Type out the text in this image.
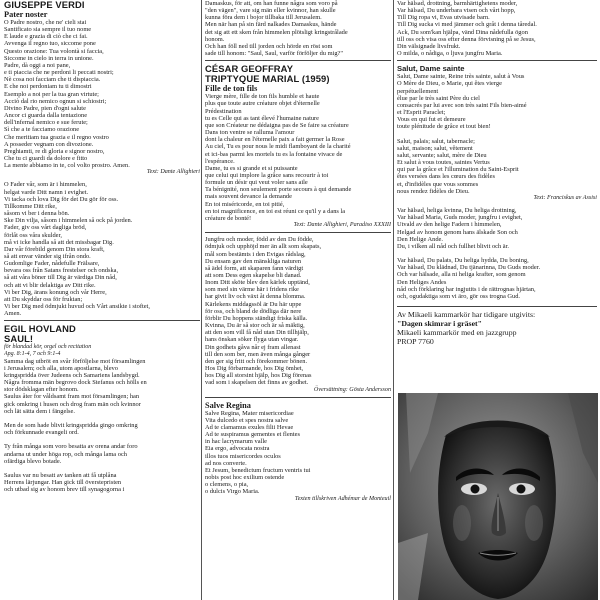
GIUSEPPE VERDI
Pater noster
O Padre nostro, che ne' cieli stai
Santificato sia sempre il tuo nome
E laude e grazia di ciò che ci fai.
Avvenga il regno tuo, siccome pone
Questo orazione: Tua volontà si faccia,
Siccome in cielo in terra in unione.
Padre, dà oggi a noi pane,
e ti piaccia che ne perdoni li peccati nostri;
Nè cosa noi facciam che ti dispiaccia.
E che noi perdoniam tu ti dimostri
Esemplo a noi per la tua gran virtute;
Acciò dal rio nemico ognun si schiostri;
Divino Padre, pien d'ogni salute
Ancor ci guarda dalla tentazione
dell'infernal nemico e sue ferute;
Sì che a te facciamo orazione
Che meritiam tua grazia e il regno vostro
A posseder vegnam con divozione.
Preghiamti, re di gloria e signor nostro,
Che tu ci guardi da dolore e fitto
La mente abbiamo in te, col volto prostro. Amen.
Text: Dante Allighieri
O Fader vår, som är i himmelen,
helgat varde Ditt namn i evighet.
Vi tacka och lova Dig för det Du gör för oss.
Tillkomme Ditt rike,
såsom vi ber i denna bön.
Ske Din vilja, såsom i himmelen så ock på jorden.
Fader, giv oss vårt dagliga bröd,
förlåt oss våra skulder,
må vi icke handla så att det missbagar Dig.
Dar vår förebild genom Din stora kraft,
så att envar vänder sig ifrån ondo.
Gudomlige Fader, nådefulle Frälsare,
bevara oss från Satans frestelser och ondska,
så att våra böner till Dig är värdiga Din nåd,
och att vi blir delaktiga av Ditt rike.
Vi ber Dig, ärans konung och vår Herre,
att Du skyddar oss för fruktan;
Vi ber Dig med ödmjukt huvud och Vårt ansikte i stoftet,
Amen.
EGIL HOVLAND
SAUL!
för blandad kör, orgel och recitation
Apg. 8:1-4, 7 och 9:1-4
Samma dag utbröt en svår förföljelse mot församlingen
i Jerusalem; och alla, utom apostlarna, blevo
kringspridda över Judeens och Samariens landsbygd.
Några fromma män begrovo dock Stefanus och hölls en
stor dödsklagan efter honom.
Saulus åter for våldsamt fram mot församlingen; han
gick omkring i husen och drog fram män och kvinnor
och lät sätta dem i fängelse.

Men de som hade blivit kringspridda gingo omkring
och förkunnade evangeli ord.

Ty från många som voro besatta av orena andar foro
andarna ut under höga rop, och många lama och
ofärdiga blevo botade.

Saulus var nu besatt av tanken att få utplåna
Herrens lärjungar. Han gick till överstepristen
och utbad sig av honom brev till synagogorna i
Damaskus, för att, om han funne några som voro på
"den vägen", vare sig män eller kvinnor, han skulle
kunna föra dem i bojor tillbaka till Jerusalem.
Men när han på sin färd nalkades Damaskus, hände
det sig att ett sken från himmelen plötsligt kringstrålade
honom.
Och han föll ned till jorden och hörde en röst som
sade till honom: "Saul, Saul, varför förföljer du mig?"
CÉSAR GEOFFRAY
TRIPTYQUE MARIAL (1959)
Fille de ton fils
Vierge mère, fille de ton fils humble et haute
plus que toute autre créature objet d'éternelle
Prédestination
tu es Celle qui as tant élevé l'humaine nature
que son Créateur ne dédaigna pas de Se faire sa créature
Dans ton ventre se ralluma l'amour
dont la chaleur en l'éternelle paix a fait germer la Rose
Au ciel, Tu es pour nous le midi flamboyant de la charité
et ici-bas parmi les mortels tu es la fontaine vivace de
l'espérance.
Dame, tu es si grande et si puissante
que celui qui implore la grâce sans recourir à toi
formule un désir qui veut voler sans aile
Ta bénignité, non seulement porte secours à qui demande
mais souvent devance la demande
En toi miséricorde, en toi pitié,
en toi magnificence, en toi est réuni ce qu'il y a dans la
créature de bonté!
Text: Dante Allighieri, Paradiso XXXIII
Jungfru och moder, född av den Du födde,
ödmjuk och upphöjd mer än allt som skapats,
mål som bestämts i den Evigas rådslag,
Du ensam gav den mänskliga naturen
så ädel form, att skaparen fann värdigt
att som Dess egen skapelse bli danad.
Inom Ditt sköte blev den kärlek upptänd,
som med sin värme här i fridens rike
har givit liv och växt åt denna blomma.
Kärlekens middagssöl är Du här uppe
för oss, och bland de dödliga där nere
förblir Du hoppens ständigt friska källa.
Kvinna, Du är så stor och är så mäktig,
att den som vill få nåd utan Din tillhjälp,
hans önskan söker flyga utan vingar.
Din godhets gåva når ej fram allenast
till den som ber, men även många gånger
den ger sig fritt och förekommer bönen.
Hos Dig förbarmande, hos Dig ömhet,
hos Dig all storsint hjälp, hos Dig förenas
vad som i skapelsen det finns av godhet.
Översättning: Gösta Andersson
Salve Regina
Salve Regina, Mater misericordiae
Vita dulcedo et spes nostra salve
Ad te clamamus exules filii Hevae
Ad te suspiramus gementes et flentes
in hac lacrymarum valle
Eia ergo, advocata nostra
illos tuos misericordes oculos
ad nos converte.
Et Jesum, benedictum fructum ventris tui
nobis post hoc exilium ostende
o clemens, o pia,
o dulcis Virgo Maria.
Texten tillskriven Adhémar de Monteuil
Var hälsad, drottning, barmhärtighetens moder,
Var hälsad, Du underbara visen och vårt hopp,
Till Dig ropa vi, Evas utvisade barn.
Till Dig sucka vi med jämmer och gråt i denna tåredal.
Ack, Du som'kan hjälpa, vänd Dina nådefulla ögon
till oss och visa oss efter denna förvisning på se Jesus,
Din välsignade livsfrukt.
O milda, o nådiga, o ljuva jungfru Maria.
Salut, Dame sainte
Salut, Dame sainte, Reine très sainte, salut à Vous
O Mère de Dieu, o Marie, qui êtes vierge
perpétuellement
élue par le très saint Père du ciel
consacrés par lui avec son très saint Fils bien-aimé
et l'Esprit Paraclet;
Vous en qui fut et demeure
toute plénitude de grâce et tout bien!

Salut, palais; salut, tabernacle;
salut, maison; salut, vêtement
salut, servante; salut, mère de Dieu
Et salut à vous toutes, saintes Vertus
qui par la grâce et l'illumination du Saint-Esprit
êtes versées dans les cœurs des fidèles
et, d'infidèles que vous sommes
nous rendez fidèles de Dieu.
Text: Franciskus av Assisi
Var hälsad, heliga kvinna, Du heliga drottning,
Var hälsad Maria, Guds moder, jungfru i evighet,
Utvald av den helige Fadern i himmelen,
Helgad av honom genom hans älskade Son och
Den Helige Ande.
Du, i vilken all nåd och fullhet blivit och är.

Var hälsad, Du palats, Du heliga hydda, Du boning,
Var hälsad, Du klädnad, Du tjänarinna, Du Guds moder.
Och var hälsade, alla ni heliga krafter, som genom
Den Heliges Andes
nåd och förklaring har ingjutits i de rättrognas hjärtan,
och, ogudaktiga som vi äro, gör oss trogna Gud.
Av Mikaeli kammarkör har tidigare utgivits:
"Dagen skimrar i gräset"
Mikaeli kammarkör med en jazzgrupp
PROP 7760
